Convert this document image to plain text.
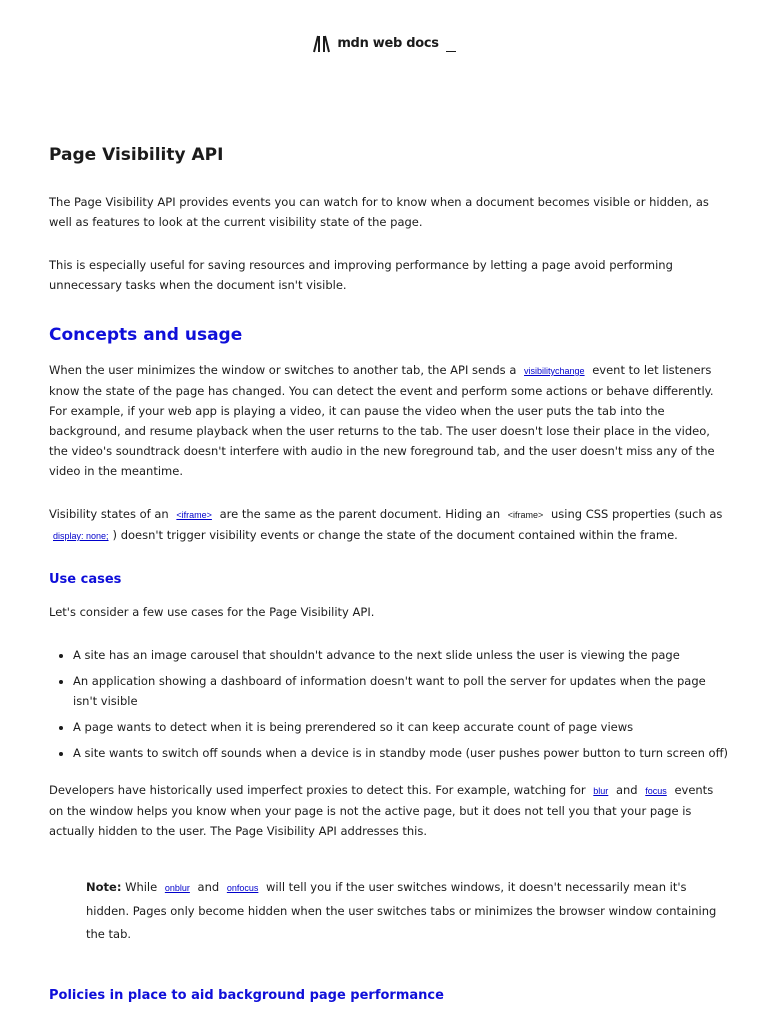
mdn web docs
Page Visibility API

The Page Visibility API provides events you can watch for to know when a document becomes visible or hidden, as well as features to look at the current visibility state of the page.

This is especially useful for saving resources and improving performance by letting a page avoid performing unnecessary tasks when the document isn't visible.

Concepts and usage

When the user minimizes the window or switches to another tab, the API sends a visibilitychange event to let listeners know the state of the page has changed. You can detect the event and perform some actions or behave differently. For example, if your web app is playing a video, it can pause the video when the user puts the tab into the background, and resume playback when the user returns to the tab. The user doesn't lose their place in the video, the video's soundtrack doesn't interfere with audio in the new foreground tab, and the user doesn't miss any of the video in the meantime.

Visibility states of an <iframe> are the same as the parent document. Hiding an <iframe> using CSS properties (such as display: none; ) doesn't trigger visibility events or change the state of the document contained within the frame.

Use cases

Let's consider a few use cases for the Page Visibility API.

• A site has an image carousel that shouldn't advance to the next slide unless the user is viewing the page
• An application showing a dashboard of information doesn't want to poll the server for updates when the page isn't visible
• A page wants to detect when it is being prerendered so it can keep accurate count of page views
• A site wants to switch off sounds when a device is in standby mode (user pushes power button to turn screen off)

Developers have historically used imperfect proxies to detect this. For example, watching for blur and focus events on the window helps you know when your page is not the active page, but it does not tell you that your page is actually hidden to the user. The Page Visibility API addresses this.

Note: While onblur and onfocus will tell you if the user switches windows, it doesn't necessarily mean it's hidden. Pages only become hidden when the user switches tabs or minimizes the browser window containing the tab.

Policies in place to aid background page performance
